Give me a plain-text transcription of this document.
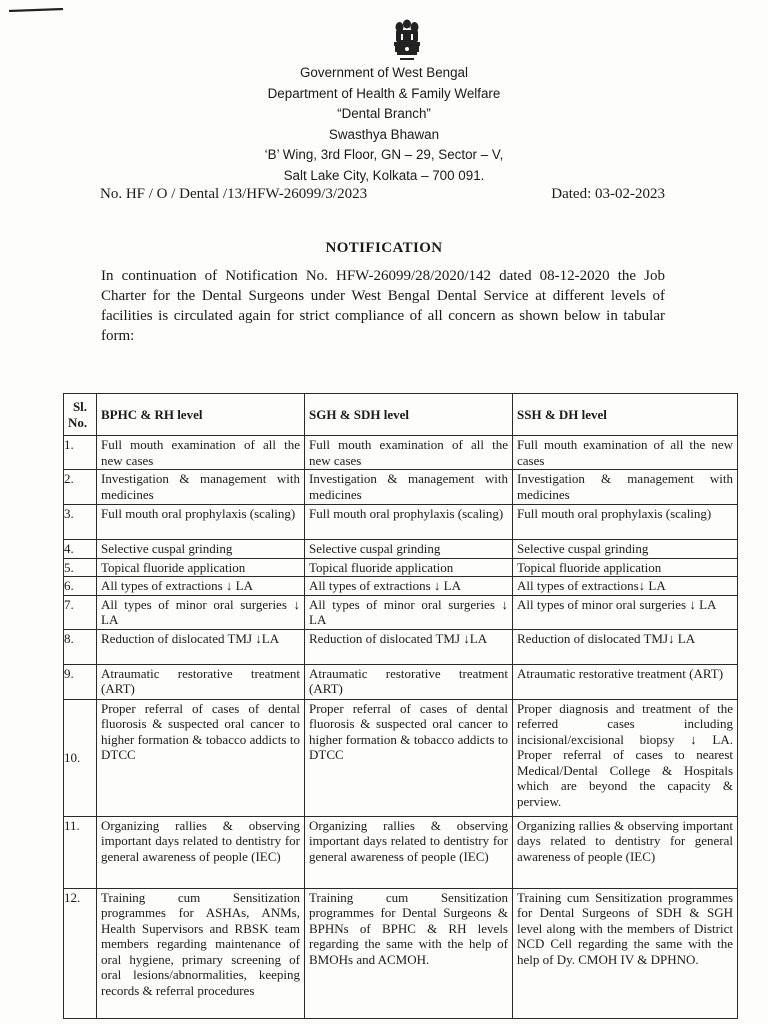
Government of West Bengal
Department of Health & Family Welfare
“Dental Branch”
Swasthya Bhawan
‘B’ Wing, 3rd Floor, GN – 29, Sector – V,
Salt Lake City, Kolkata – 700 091.
No. HF / O / Dental /13/HFW-26099/3/2023	Dated: 03-02-2023
NOTIFICATION
In continuation of Notification No. HFW-26099/28/2020/142 dated 08-12-2020 the Job Charter for the Dental Surgeons under West Bengal Dental Service at different levels of facilities is circulated again for strict compliance of all concern as shown below in tabular form:
Sl. No.	BPHC & RH level	SGH & SDH level	SSH & DH level
1.	Full mouth examination of all the new cases	Full mouth examination of all the new cases	Full mouth examination of all the new cases
2.	Investigation & management with medicines	Investigation & management with medicines	Investigation & management with medicines
3.	Full mouth oral prophylaxis (scaling)	Full mouth oral prophylaxis (scaling)	Full mouth oral prophylaxis (scaling)
4.	Selective cuspal grinding	Selective cuspal grinding	Selective cuspal grinding
5.	Topical fluoride application	Topical fluoride application	Topical fluoride application
6.	All types of extractions ↓ LA	All types of extractions ↓ LA	All types of extractions↓ LA
7.	All types of minor oral surgeries ↓ LA	All types of minor oral surgeries ↓ LA	All types of minor oral surgeries ↓ LA
8.	Reduction of dislocated TMJ ↓LA	Reduction of dislocated TMJ ↓LA	Reduction of dislocated TMJ↓ LA
9.	Atraumatic restorative treatment (ART)	Atraumatic restorative treatment (ART)	Atraumatic restorative treatment (ART)
10.	Proper referral of cases of dental fluorosis & suspected oral cancer to higher formation & tobacco addicts to DTCC	Proper referral of cases of dental fluorosis & suspected oral cancer to higher formation & tobacco addicts to DTCC	Proper diagnosis and treatment of the referred cases including incisional/excisional biopsy ↓ LA. Proper referral of cases to nearest Medical/Dental College & Hospitals which are beyond the capacity & perview.
11.	Organizing rallies & observing important days related to dentistry for general awareness of people (IEC)	Organizing rallies & observing important days related to dentistry for general awareness of people (IEC)	Organizing rallies & observing important days related to dentistry for general awareness of people (IEC)
12.	Training cum Sensitization programmes for ASHAs, ANMs, Health Supervisors and RBSK team members regarding maintenance of oral hygiene, primary screening of oral lesions/abnormalities, keeping records & referral procedures	Training cum Sensitization programmes for Dental Surgeons & BPHNs of BPHC & RH levels regarding the same with the help of BMOHs and ACMOH.	Training cum Sensitization programmes for Dental Surgeons of SDH & SGH level along with the members of District NCD Cell regarding the same with the help of Dy. CMOH IV & DPHNO.
